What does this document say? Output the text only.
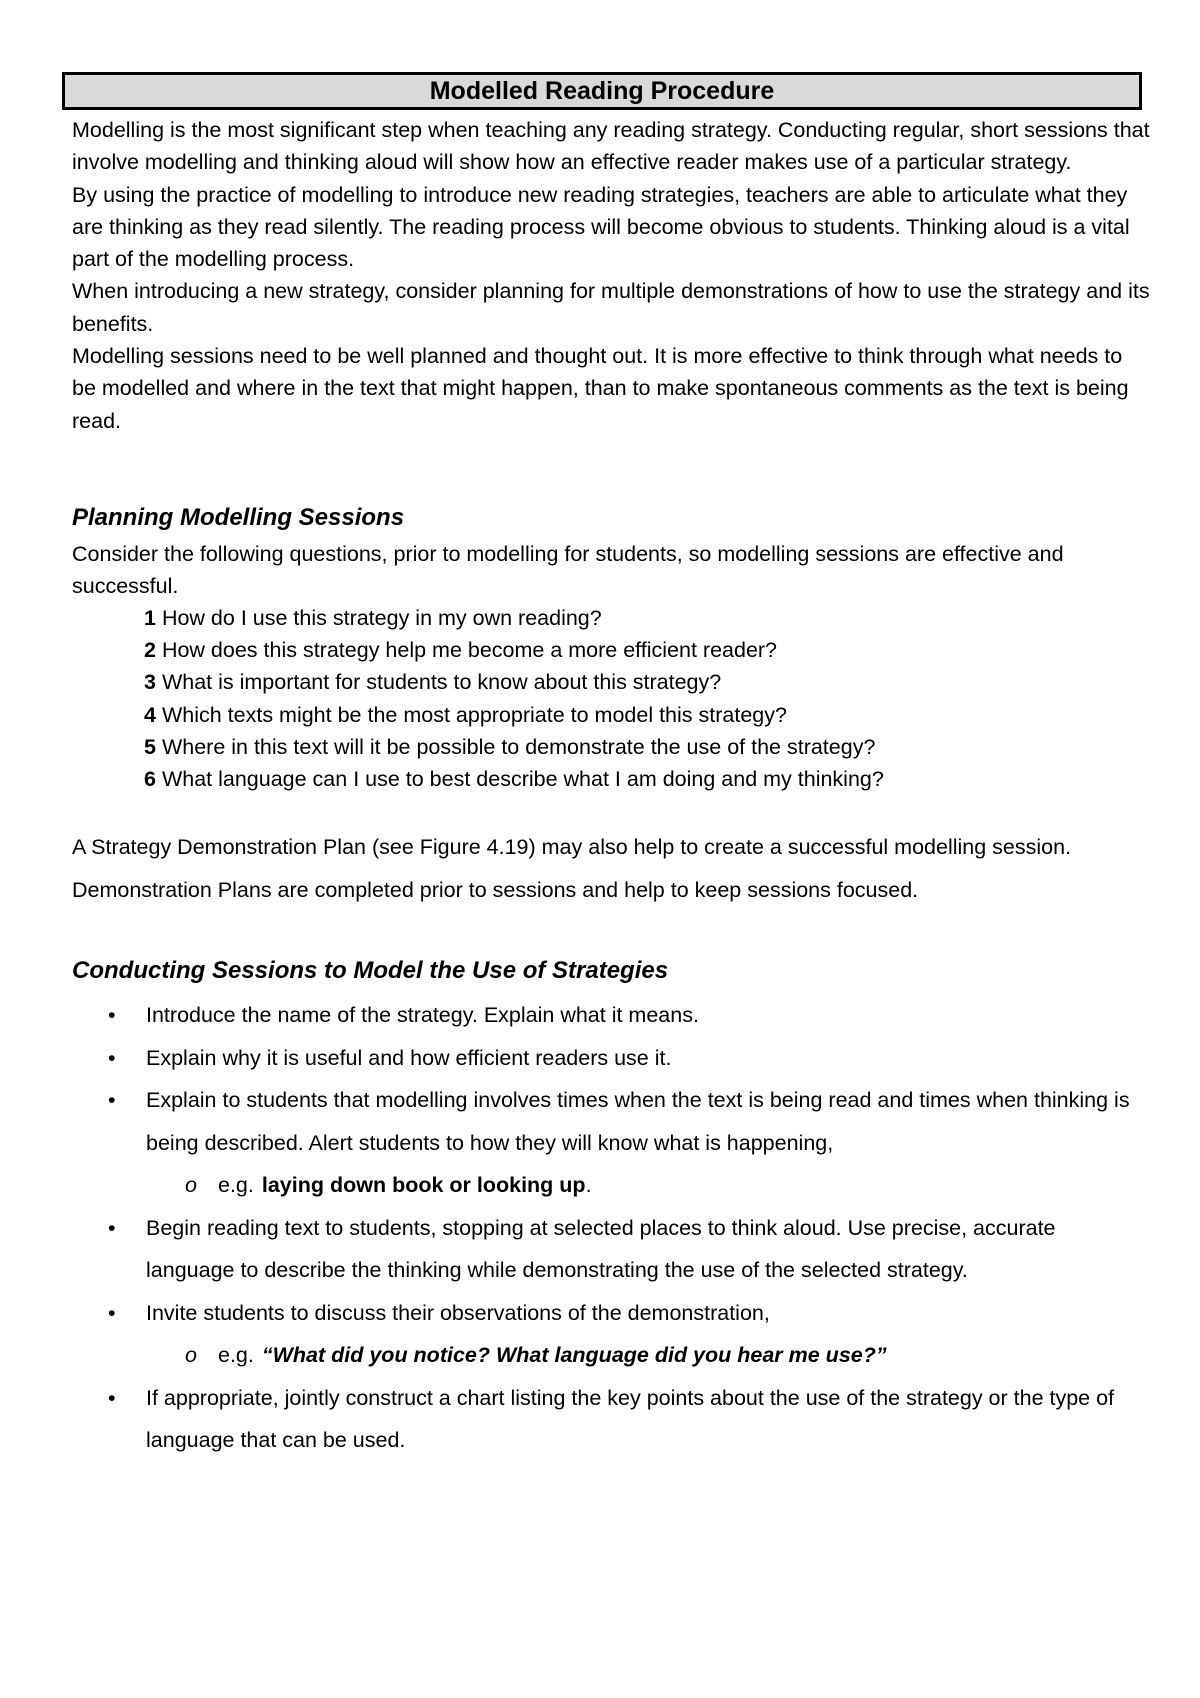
Modelled Reading Procedure

Modelling is the most significant step when teaching any reading strategy. Conducting regular, short sessions that involve modelling and thinking aloud will show how an effective reader makes use of a particular strategy.

By using the practice of modelling to introduce new reading strategies, teachers are able to articulate what they are thinking as they read silently. The reading process will become obvious to students. Thinking aloud is a vital part of the modelling process.

When introducing a new strategy, consider planning for multiple demonstrations of how to use the strategy and its benefits.

Modelling sessions need to be well planned and thought out. It is more effective to think through what needs to be modelled and where in the text that might happen, than to make spontaneous comments as the text is being read.

Planning Modelling Sessions

Consider the following questions, prior to modelling for students, so modelling sessions are effective and successful.

1 How do I use this strategy in my own reading?
2 How does this strategy help me become a more efficient reader?
3 What is important for students to know about this strategy?
4 Which texts might be the most appropriate to model this strategy?
5 Where in this text will it be possible to demonstrate the use of the strategy?
6 What language can I use to best describe what I am doing and my thinking?

A Strategy Demonstration Plan (see Figure 4.19) may also help to create a successful modelling session. Demonstration Plans are completed prior to sessions and help to keep sessions focused.

Conducting Sessions to Model the Use of Strategies
• Introduce the name of the strategy. Explain what it means.
• Explain why it is useful and how efficient readers use it.
• Explain to students that modelling involves times when the text is being read and times when thinking is being described. Alert students to how they will know what is happening,
o e.g. laying down book or looking up.
• Begin reading text to students, stopping at selected places to think aloud. Use precise, accurate language to describe the thinking while demonstrating the use of the selected strategy.
• Invite students to discuss their observations of the demonstration,
o e.g. “What did you notice? What language did you hear me use?”
• If appropriate, jointly construct a chart listing the key points about the use of the strategy or the type of language that can be used.
